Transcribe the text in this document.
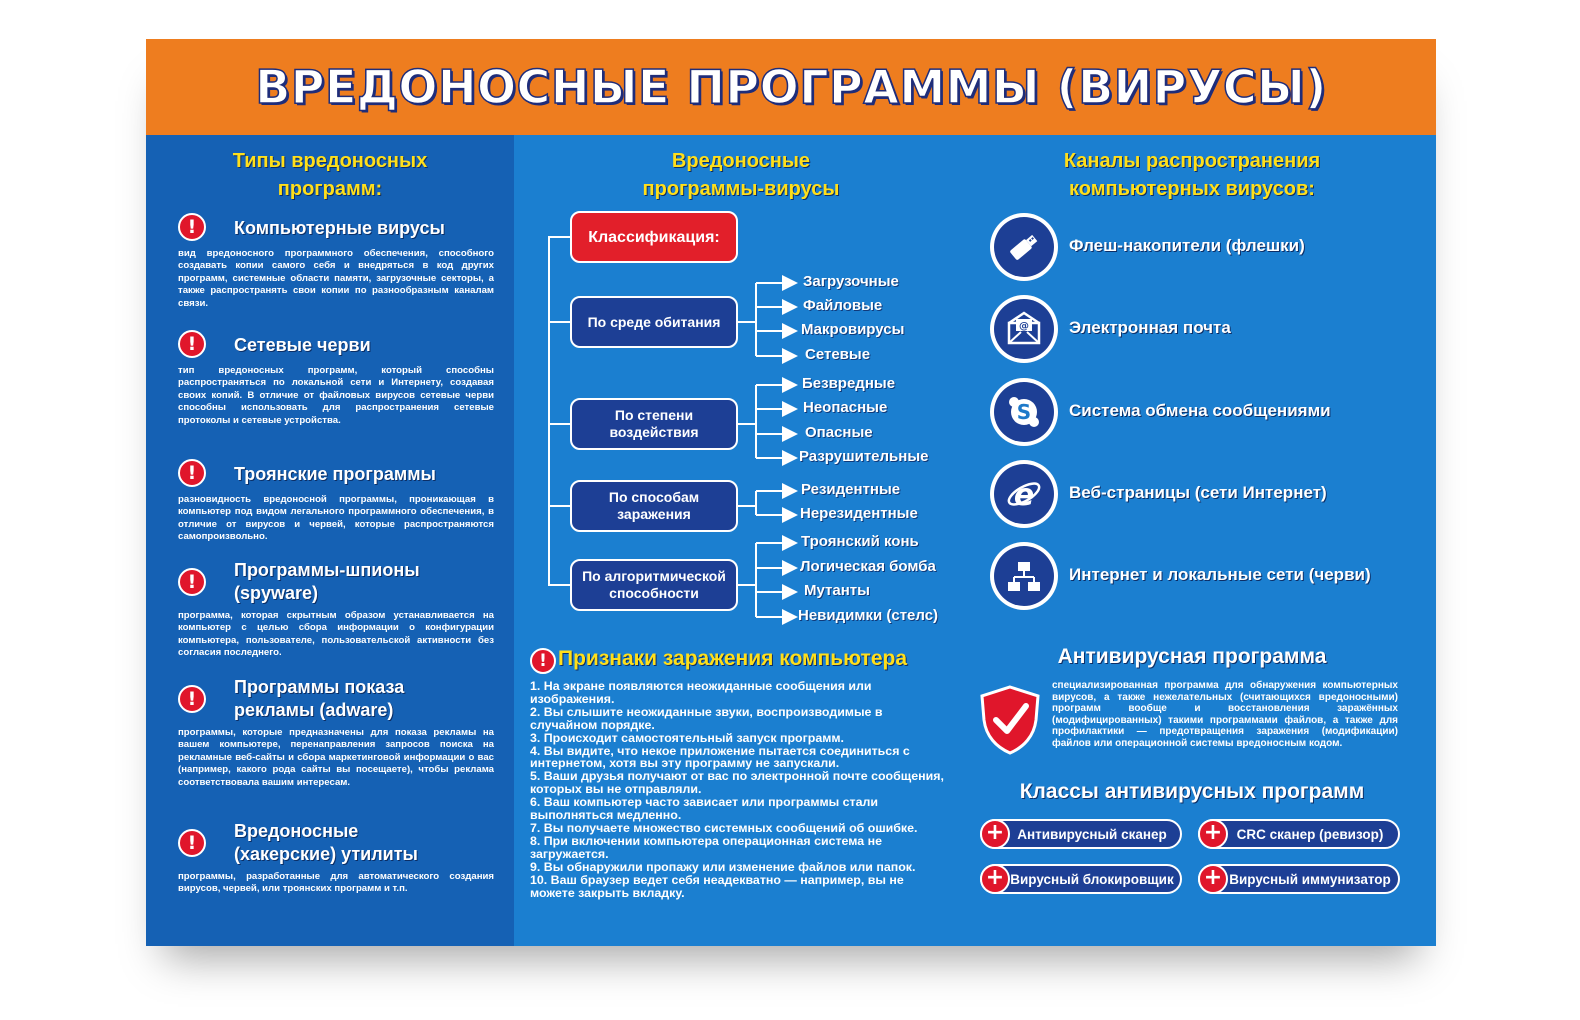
ВРЕДОНОСНЫЕ ПРОГРАММЫ (ВИРУСЫ)
Типы вредоносных
программ:
!	Компьютерные вирусы
вид вредоносного программного обеспечения, способного создавать копии самого себя и внедряться в код других программ, системные области памяти, загрузочные секторы, а также распространять свои копии по разнообразным каналам связи.
!	Сетевые черви
тип вредоносных программ, который способны распространяться по локальной сети и Интернету, создавая своих копий. В отличие от файловых вирусов сетевые черви способны использовать для распространения сетевые протоколы и сетевые устройства.
!	Троянские программы
разновидность вредоносной программы, проникающая в компьютер под видом легального программного обеспечения, в отличие от вирусов и червей, которые распространяются самопроизвольно.
!
Программы-шпионы (spyware)
программа, которая скрытным образом устанавливается на компьютер с целью сбора информации о конфигурации компьютера, пользователе, пользовательской активности без согласия последнего.
!
Программы показа рекламы (adware)
программы, которые предназначены для показа рекламы на вашем компьютере, перенаправления запросов поиска на рекламные веб-сайты и сбора маркетинговой информации о вас (например, какого рода сайты вы посещаете), чтобы реклама соответствовала вашим интересам.
!
Вредоносные (хакерские) утилиты
программы, разработанные для автоматического создания вирусов, червей, или троянских программ и т.п.
Вредоносные
программы-вирусы
Классификация:
По среде обитания
По степени воздействия
По способам заражения
По алгоритмической способности
Загрузочные
Файловые
Макровирусы
Сетевые
Безвредные
Неопасные
Опасные
Разрушительные
Резидентные
Нерезидентные
Троянский конь
Логическая бомба
Мутанты
Невидимки (стелс)
! Признаки заражения компьютера
1. На экране появляются неожиданные сообщения или изображения.
2. Вы слышите неожиданные звуки, воспроизводимые в случайном порядке.
3. Происходит самостоятельный запуск программ.
4. Вы видите, что некое приложение пытается соединиться с интернетом, хотя вы эту программу не запускали.
5. Ваши друзья получают от вас по электронной почте сообщения, которых вы не отправляли.
6. Ваш компьютер часто зависает или программы стали выполняться медленно.
7. Вы получаете множество системных сообщений об ошибке.
8. При включении компьютера операционная система не загружается.
9. Вы обнаружили пропажу или изменение файлов или папок.
10. Ваш браузер ведет себя неадекватно — например, вы не можете закрыть вкладку.
Каналы распространения
компьютерных вирусов:
Флеш-накопители (флешки)
@ Электронная почта
S Система обмена сообщениями
e Веб-страницы (сети Интернет)
Интернет и локальные сети (черви)
Антивирусная программа
специализированная программа для обнаружения компьютерных вирусов, а также нежелательных (считающихся вредоносными) программ вообще и восстановления заражённых (модифицированных) такими программами файлов, а также для профилактики — предотвращения заражения (модификации) файлов или операционной системы вредоносным кодом.
Классы антивирусных программ
+ Антивирусный сканер +	CRC сканер (ревизор)
+ Вирусный блокировщик + Вирусный иммунизатор
